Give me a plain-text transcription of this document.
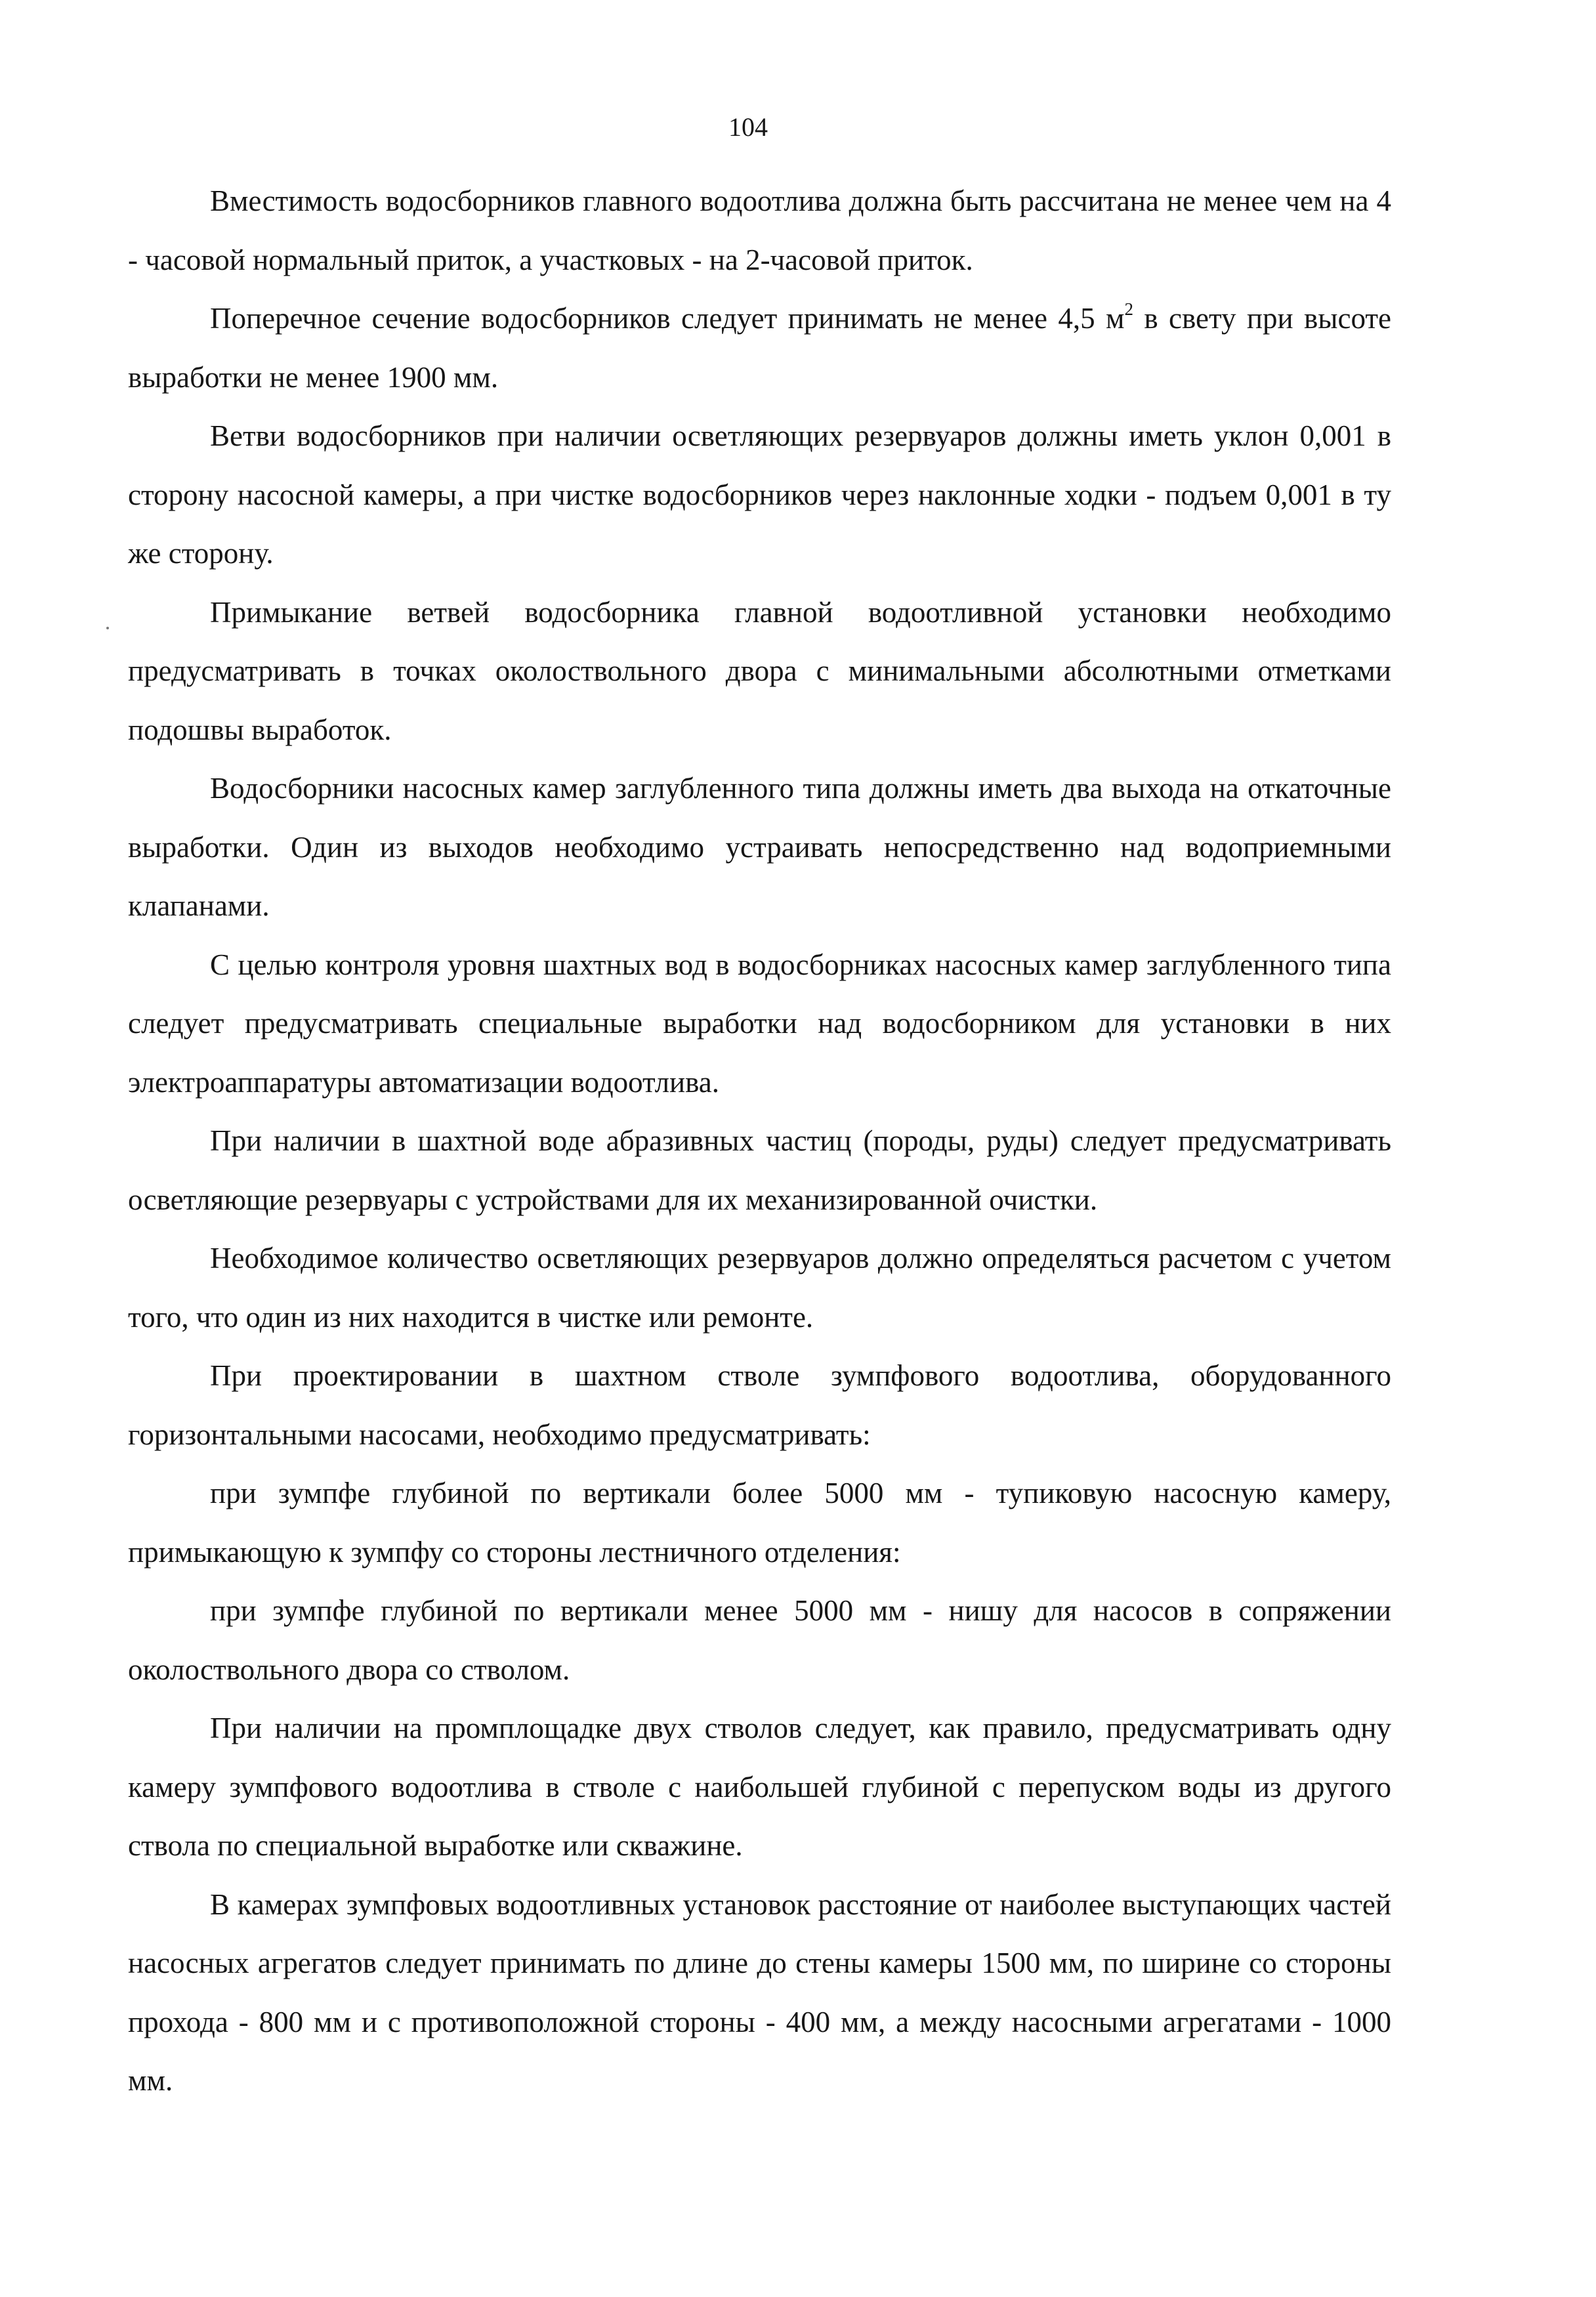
104

Вместимость водосборников главного водоотлива должна быть рассчитана не менее чем на 4 - часовой нормальный приток, а участковых - на 2-часовой приток.

Поперечное сечение водосборников следует принимать не менее 4,5 $м^2$ в свету при высоте выработки не менее 1900 мм.

Ветви водосборников при наличии осветляющих резервуаров должны иметь уклон 0,001 в сторону насосной камеры, а при чистке водосборников через наклонные ходки - подъем 0,001 в ту же сторону.

Примыкание ветвей водосборника главной водоотливной установки необходимо предусматривать в точках околоствольного двора с минимальными абсолютными отметками подошвы выработок.

Водосборники насосных камер заглубленного типа должны иметь два выхода на откаточные выработки. Один из выходов необходимо устраивать непосредственно над водоприемными клапанами.

С целью контроля уровня шахтных вод в водосборниках насосных камер заглубленного типа следует предусматривать специальные выработки над водосборником для установки в них электроаппаратуры автоматизации водоотлива.

При наличии в шахтной воде абразивных частиц (породы, руды) следует предусматривать осветляющие резервуары с устройствами для их механизированной очистки.

Необходимое количество осветляющих резервуаров должно определяться расчетом с учетом того, что один из них находится в чистке или ремонте.

При проектировании в шахтном стволе зумпфового водоотлива, оборудованного горизонтальными насосами, необходимо предусматривать:

при зумпфе глубиной по вертикали более 5000 мм - тупиковую насосную камеру, примыкающую к зумпфу со стороны лестничного отделения:

при зумпфе глубиной по вертикали менее 5000 мм - нишу для насосов в сопряжении околоствольного двора со стволом.

При наличии на промплощадке двух стволов следует, как правило, предусматривать одну камеру зумпфового водоотлива в стволе с наибольшей глубиной с перепуском воды из другого ствола по специальной выработке или скважине.

В камерах зумпфовых водоотливных установок расстояние от наиболее выступающих частей насосных агрегатов следует принимать по длине до стены камеры 1500 мм, по ширине со стороны прохода - 800 мм и с противоположной стороны - 400 мм, а между насосными агрегатами - 1000 мм.
